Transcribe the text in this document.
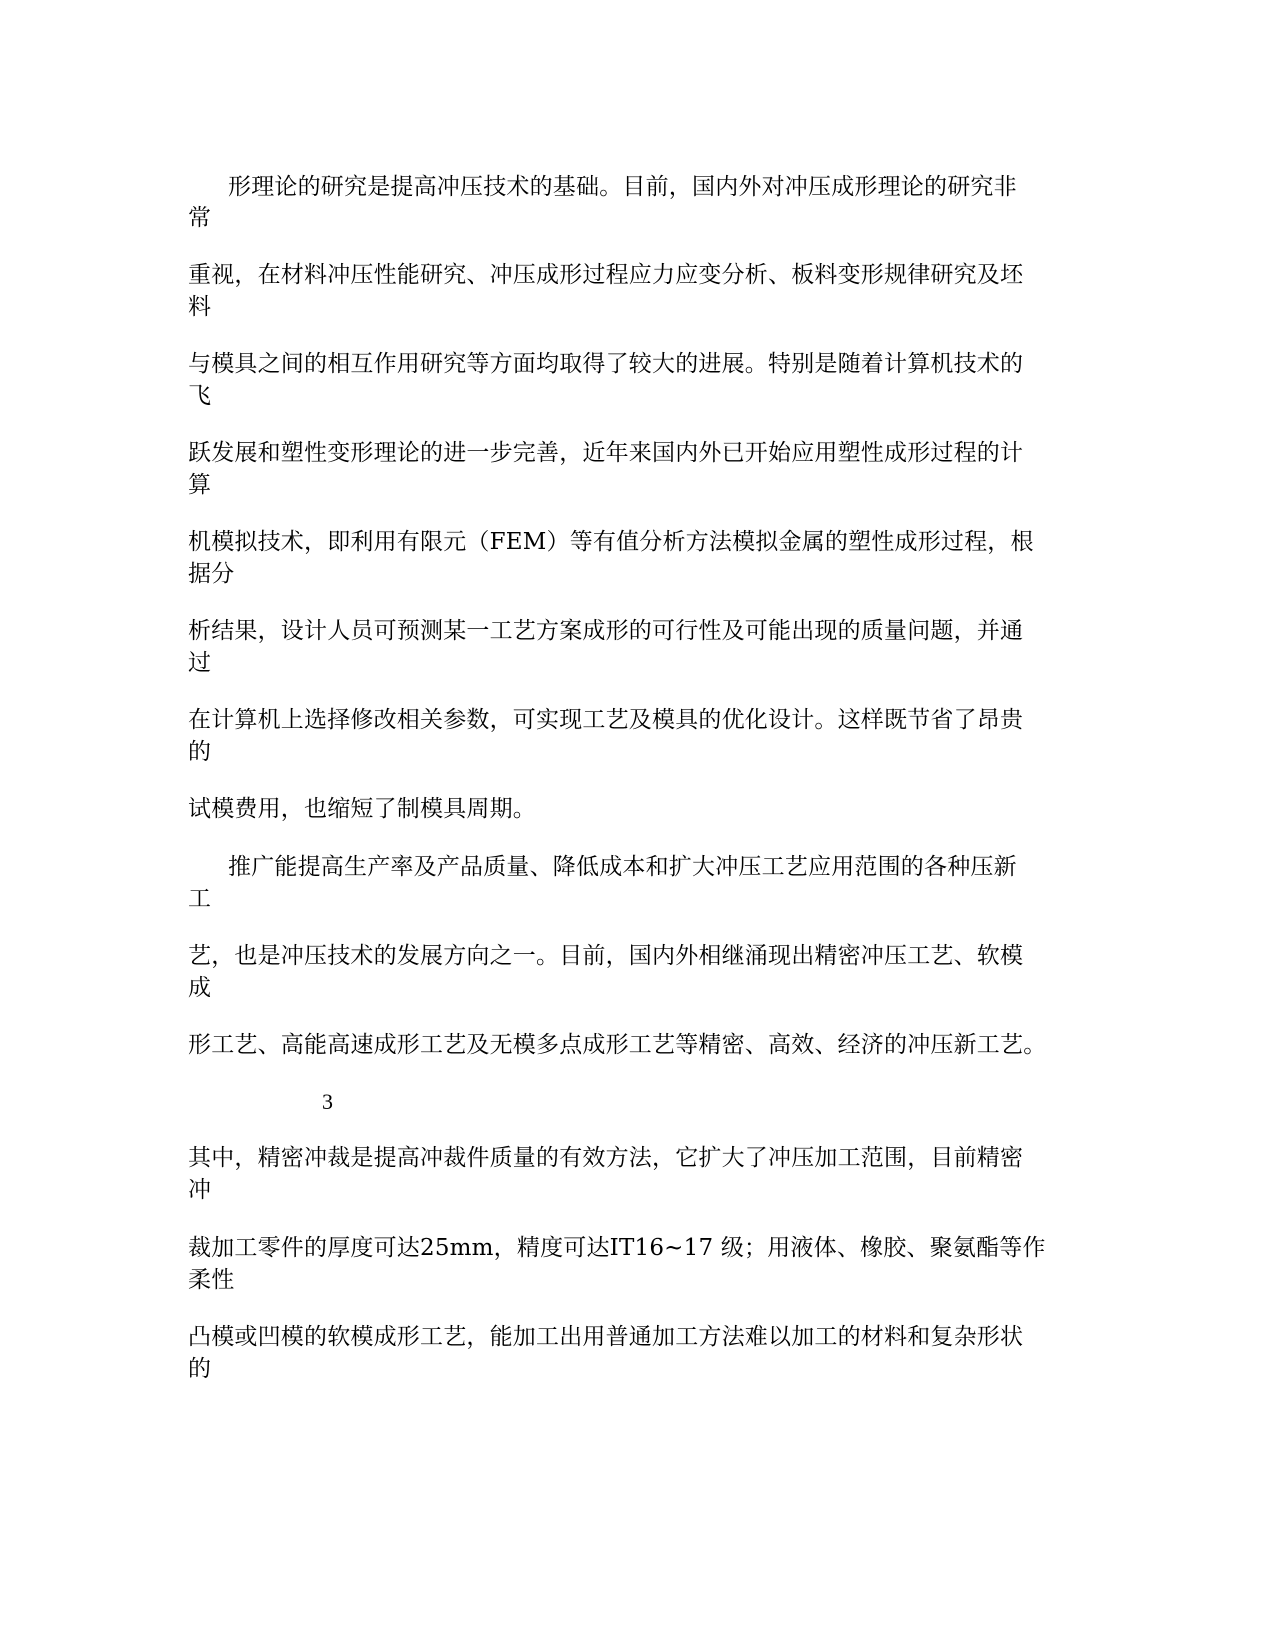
形理论的研究是提高冲压技术的基础。目前，国内外对冲压成形理论的研究非
常
重视，在材料冲压性能研究、冲压成形过程应力应变分析、板料变形规律研究及坯
料
与模具之间的相互作用研究等方面均取得了较大的进展。特别是随着计算机技术的
飞
跃发展和塑性变形理论的进一步完善，近年来国内外已开始应用塑性成形过程的计
算
机模拟技术，即利用有限元（FEM）等有值分析方法模拟金属的塑性成形过程，根
据分
析结果，设计人员可预测某一工艺方案成形的可行性及可能出现的质量问题，并通
过
在计算机上选择修改相关参数，可实现工艺及模具的优化设计。这样既节省了昂贵
的
试模费用，也缩短了制模具周期。
推广能提高生产率及产品质量、降低成本和扩大冲压工艺应用范围的各种压新
工
艺，也是冲压技术的发展方向之一。目前，国内外相继涌现出精密冲压工艺、软模
成
形工艺、高能高速成形工艺及无模多点成形工艺等精密、高效、经济的冲压新工艺。
3
其中，精密冲裁是提高冲裁件质量的有效方法，它扩大了冲压加工范围，目前精密
冲
裁加工零件的厚度可达25mm，精度可达IT16~17 级；用液体、橡胶、聚氨酯等作
柔性
凸模或凹模的软模成形工艺，能加工出用普通加工方法难以加工的材料和复杂形状
的
